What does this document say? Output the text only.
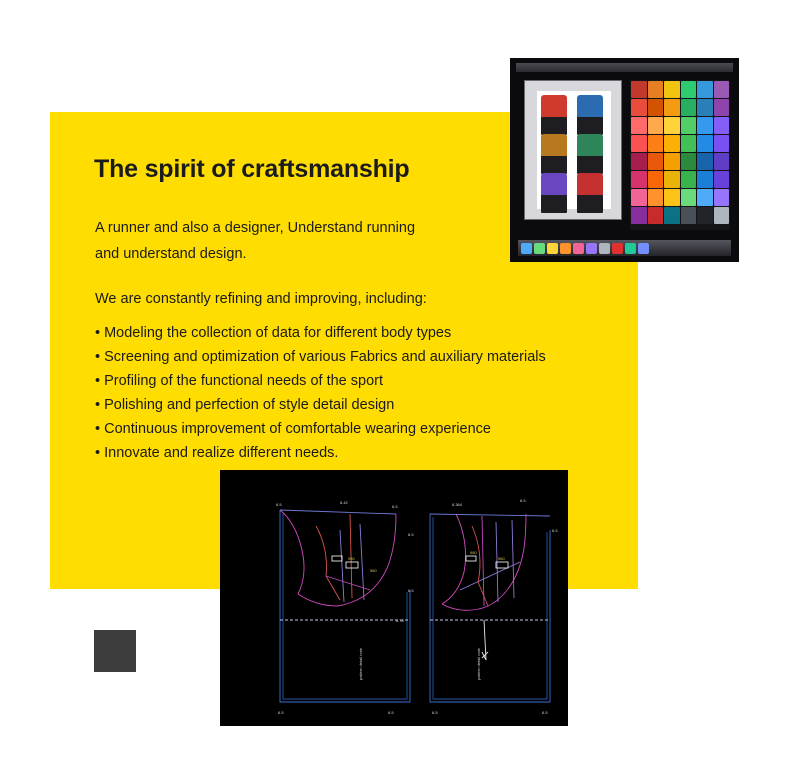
The spirit of craftsmanship
A runner and also a designer, Understand running
and understand design.
We are constantly refining and improving, including:
• Modeling the collection of data for different body types
• Screening and optimization of various Fabrics and auxiliary materials
• Profiling of the functional needs of the sport
• Polishing and perfection of style detail design
• Continuous improvement of comfortable wearing experience
• Innovate and realize different needs.
6.5	6.42
6.5	6.364
6.5
6.5
6.5
6.5
6.5	6.5	6.5	6.5
6.78
980
980
980
980
pattern detail note	pattern detail note
